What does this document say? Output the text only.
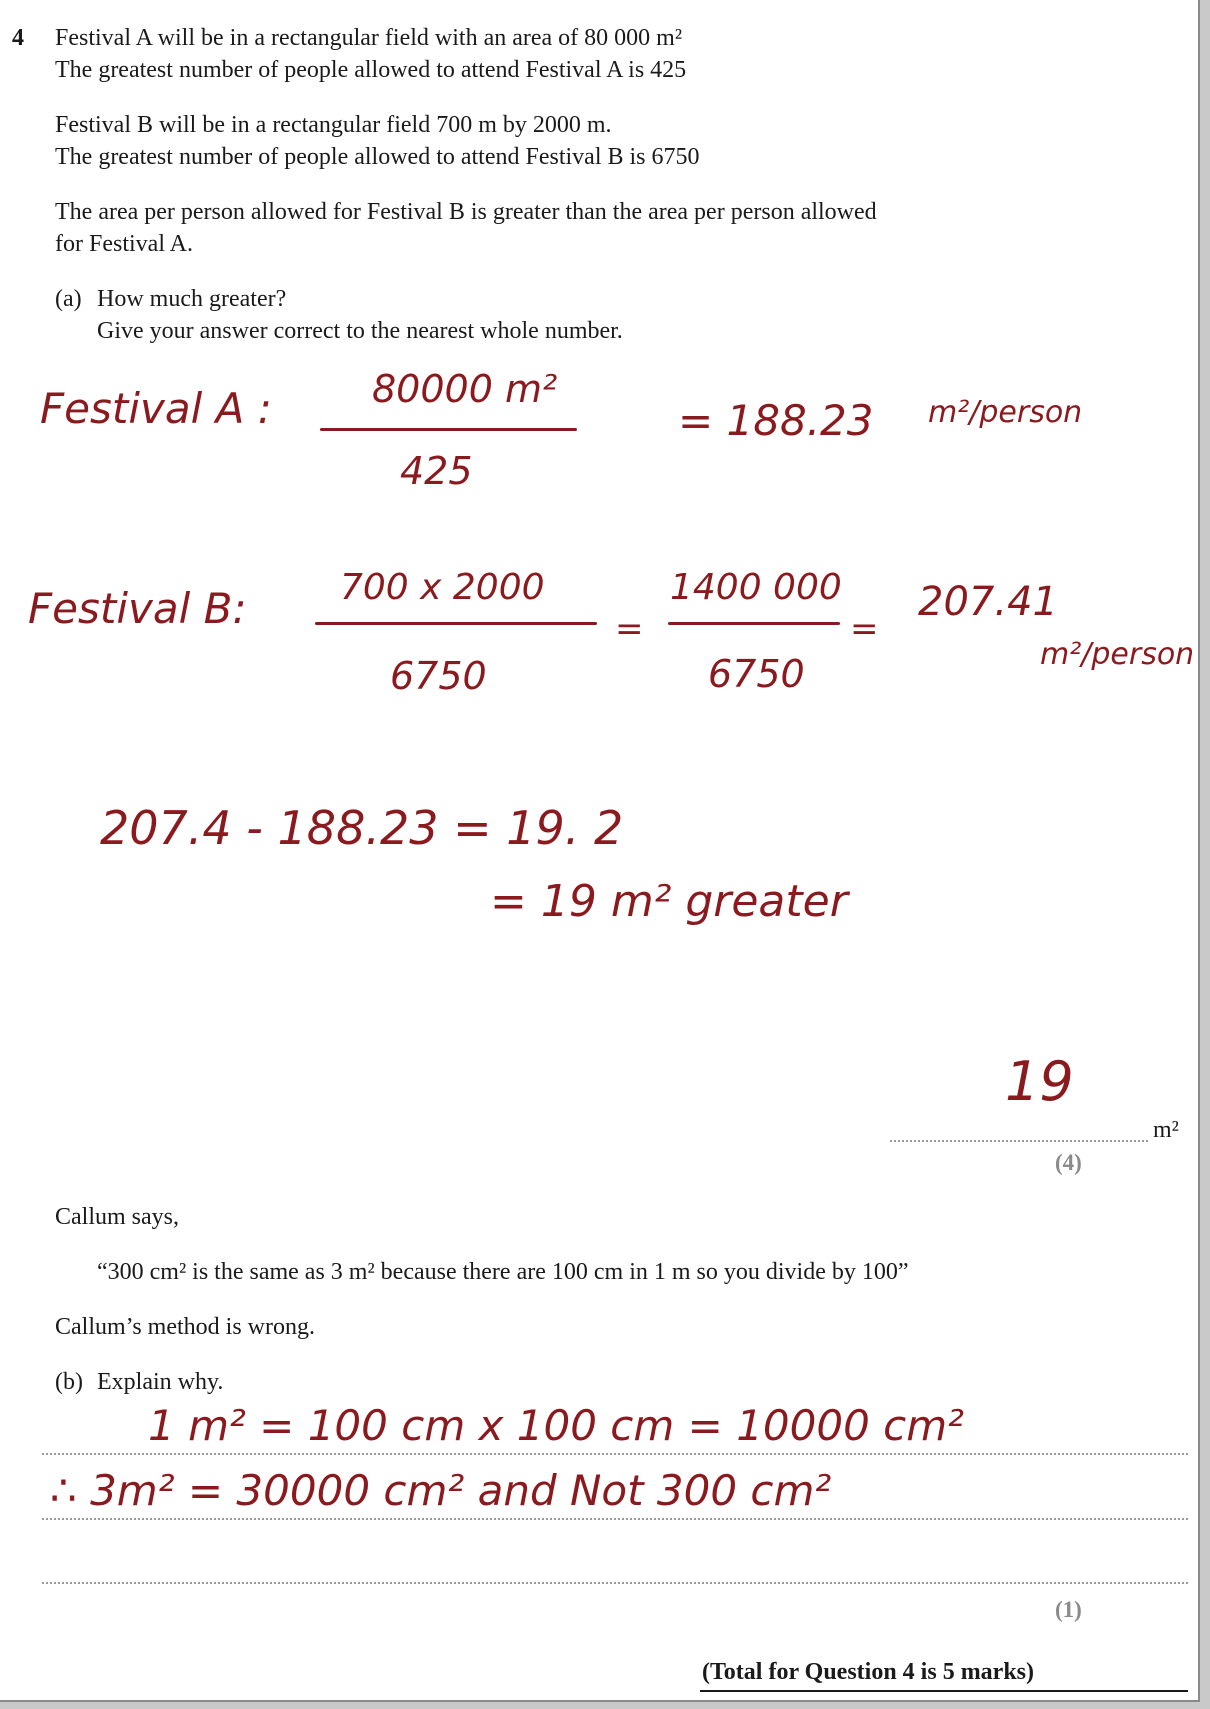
4 Festival A will be in a rectangular field with an area of 80 000 m²
The greatest number of people allowed to attend Festival A is 425
Festival B will be in a rectangular field 700 m by 2000 m.
The greatest number of people allowed to attend Festival B is 6750
The area per person allowed for Festival B is greater than the area per person allowed
for Festival A.
(a) How much greater?
Give your answer correct to the nearest whole number.
Festival A :	80000 m²
425
= 188.23 m²/person
Festival B:	700 x 2000
6750
=
1400 000
6750
=
207.41
m²/person
207.4 - 188.23 = 19. 2
= 19 m² greater
19
m²
(4)
Callum says,
“300 cm² is the same as 3 m² because there are 100 cm in 1 m so you divide by 100”
Callum’s method is wrong.
(b) Explain why.
1 m² = 100 cm x 100 cm = 10000 cm²
∴ 3m² = 30000 cm² and Not 300 cm²
(1)
(Total for Question 4 is 5 marks)
